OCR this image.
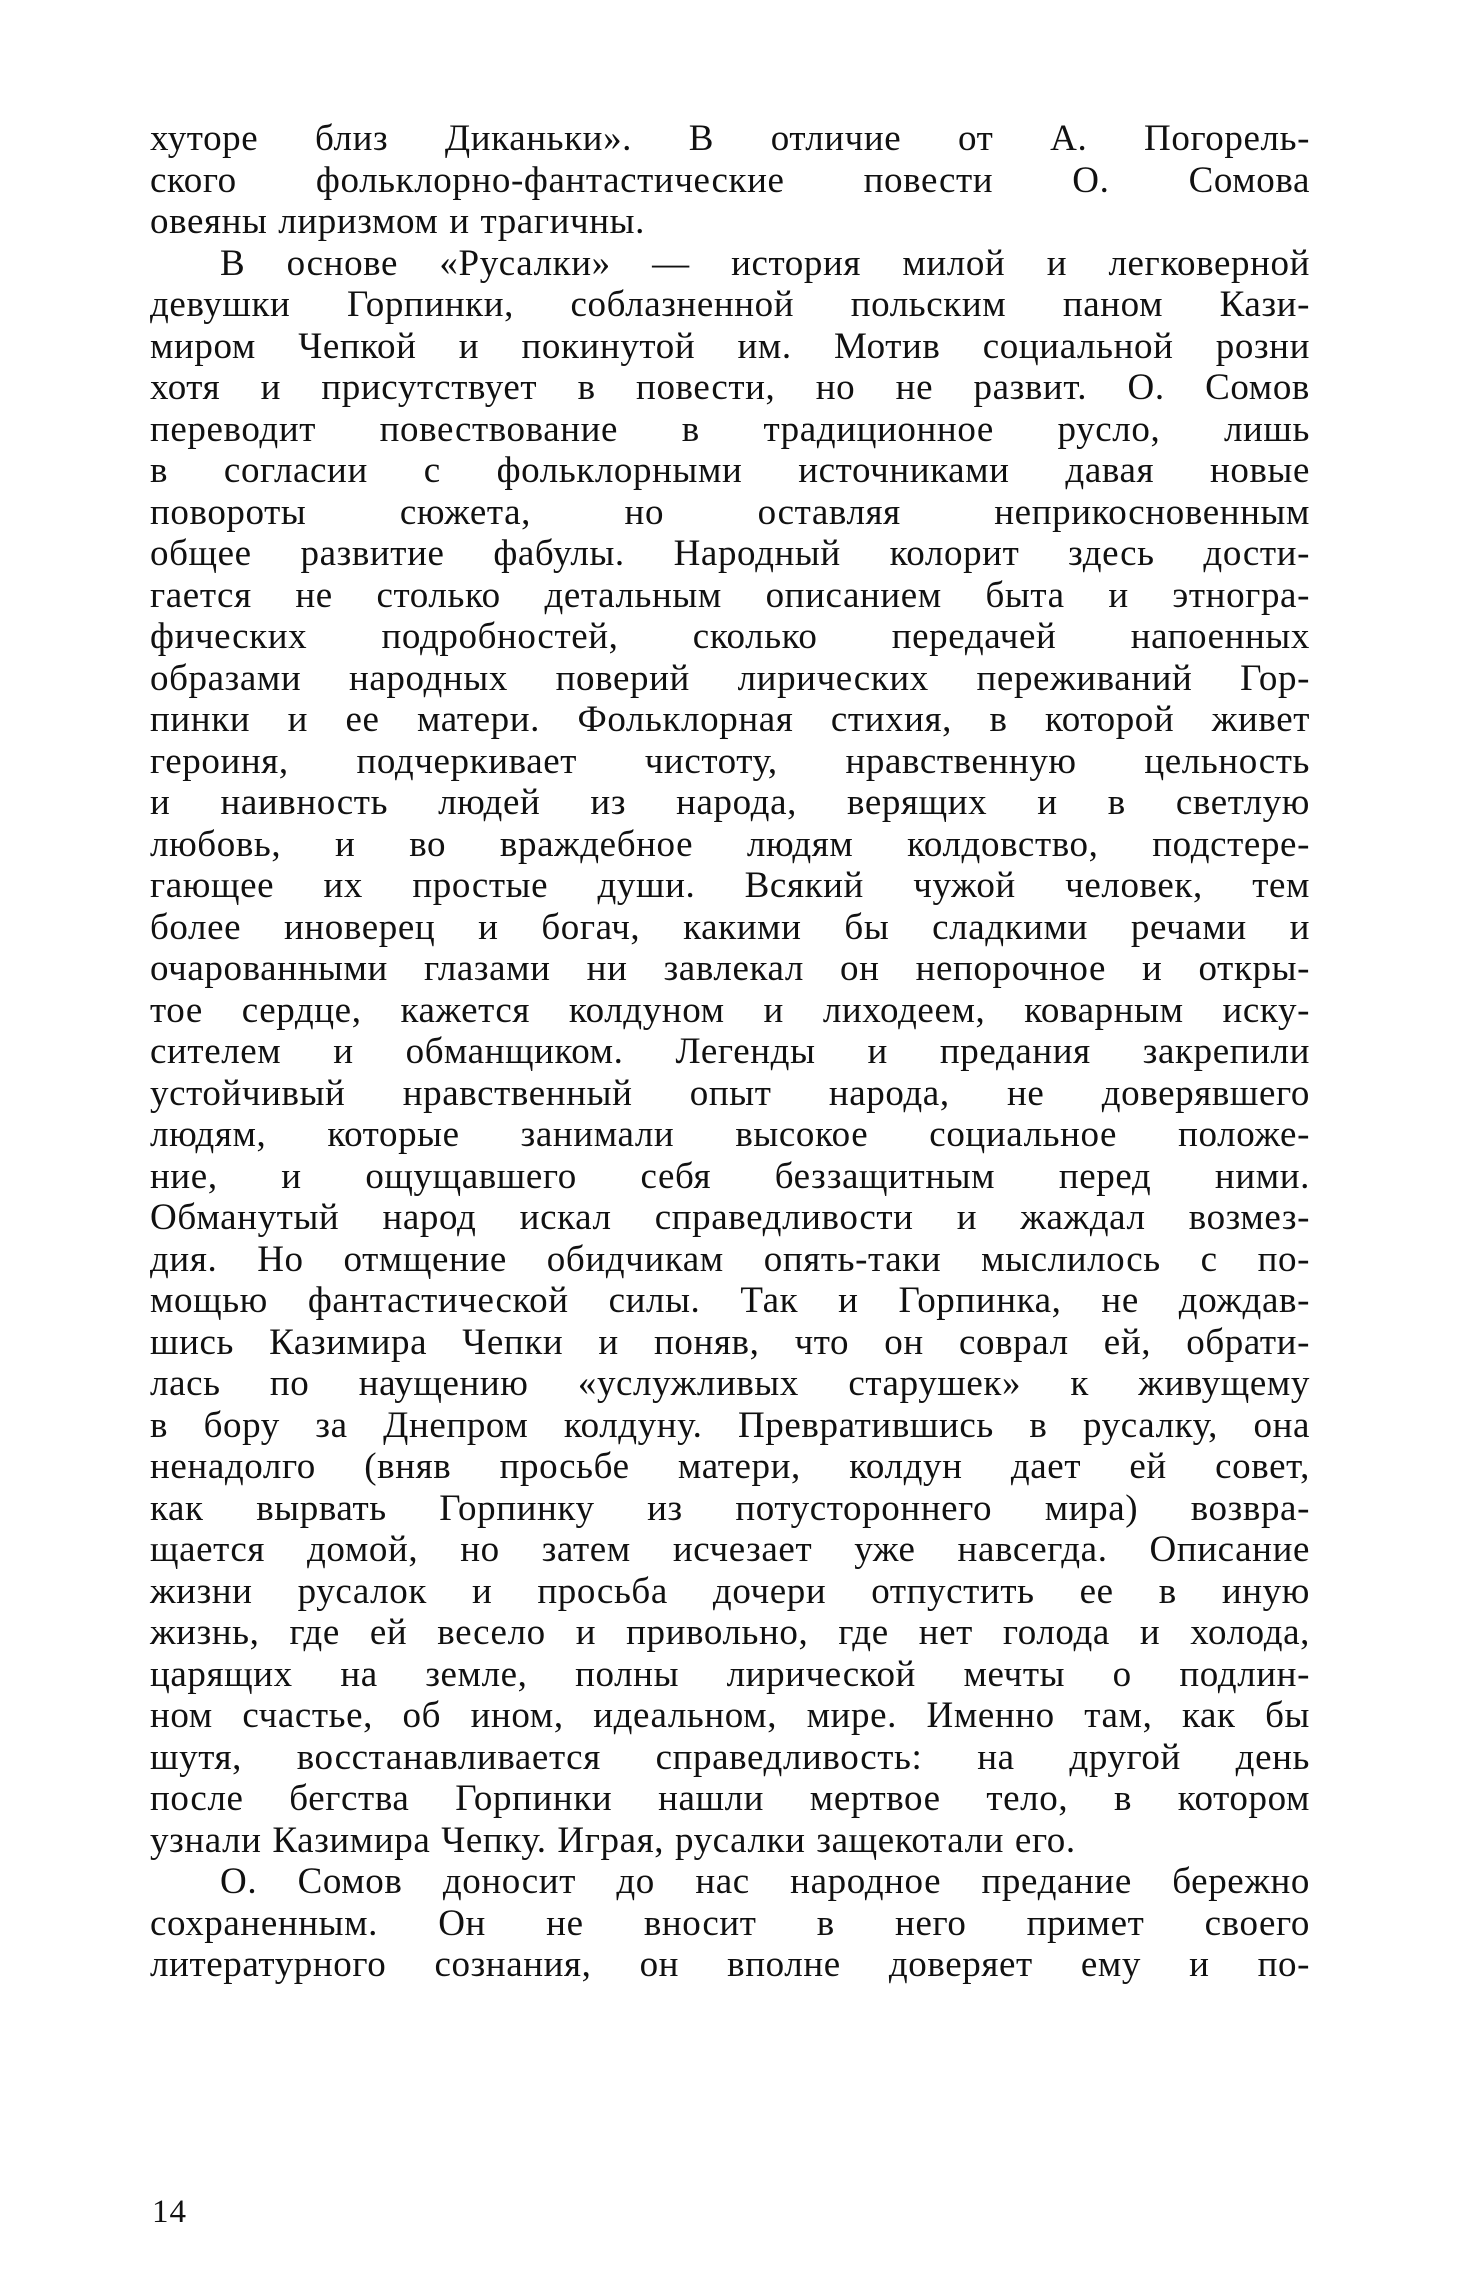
хуторе близ Диканьки». В отличие от А. Погорель-
ского фольклорно-фантастические повести О. Сомова
овеяны лиризмом и трагичны.
В основе «Русалки» — история милой и легковерной
девушки Горпинки, соблазненной польским паном Кази-
миром Чепкой и покинутой им. Мотив социальной розни
хотя и присутствует в повести, но не развит. О. Сомов
переводит повествование в традиционное русло, лишь
в согласии с фольклорными источниками давая новые
повороты сюжета, но оставляя неприкосновенным
общее развитие фабулы. Народный колорит здесь дости-
гается не столько детальным описанием быта и этногра-
фических подробностей, сколько передачей напоенных
образами народных поверий лирических переживаний Гор-
пинки и ее матери. Фольклорная стихия, в которой живет
героиня, подчеркивает чистоту, нравственную цельность
и наивность людей из народа, верящих и в светлую
любовь, и во враждебное людям колдовство, подстере-
гающее их простые души. Всякий чужой человек, тем
более иноверец и богач, какими бы сладкими речами и
очарованными глазами ни завлекал он непорочное и откры-
тое сердце, кажется колдуном и лиходеем, коварным иску-
сителем и обманщиком. Легенды и предания закрепили
устойчивый нравственный опыт народа, не доверявшего
людям, которые занимали высокое социальное положе-
ние, и ощущавшего себя беззащитным перед ними.
Обманутый народ искал справедливости и жаждал возмез-
дия. Но отмщение обидчикам опять-таки мыслилось с по-
мощью фантастической силы. Так и Горпинка, не дождав-
шись Казимира Чепки и поняв, что он соврал ей, обрати-
лась по наущению «услужливых старушек» к живущему
в бору за Днепром колдуну. Превратившись в русалку, она
ненадолго (вняв просьбе матери, колдун дает ей совет,
как вырвать Горпинку из потустороннего мира) возвра-
щается домой, но затем исчезает уже навсегда. Описание
жизни русалок и просьба дочери отпустить ее в иную
жизнь, где ей весело и привольно, где нет голода и холода,
царящих на земле, полны лирической мечты о подлин-
ном счастье, об ином, идеальном, мире. Именно там, как бы
шутя, восстанавливается справедливость: на другой день
после бегства Горпинки нашли мертвое тело, в котором
узнали Казимира Чепку. Играя, русалки защекотали его.
О. Сомов доносит до нас народное предание бережно
сохраненным. Он не вносит в него примет своего
литературного сознания, он вполне доверяет ему и по-
14
